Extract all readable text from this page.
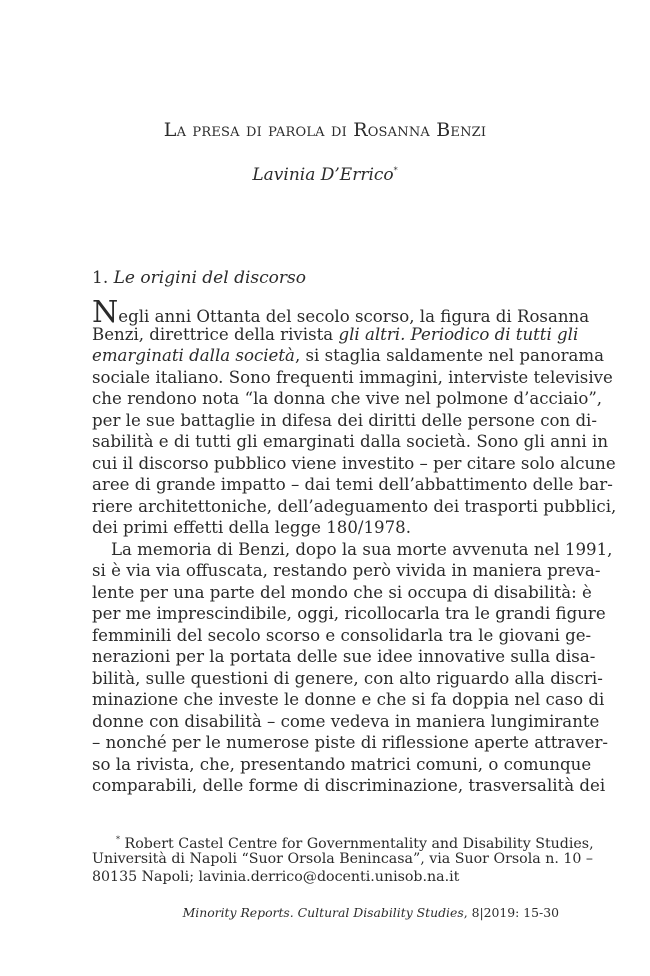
La presa di parola di Rosanna Benzi
Lavinia D’Errico*
1. Le origini del discorso
Negli anni Ottanta del secolo scorso, la figura di Rosanna
Benzi, direttrice della rivista gli altri. Periodico di tutti gli
emarginati dalla società, si staglia saldamente nel panorama
sociale italiano. Sono frequenti immagini, interviste televisive
che rendono nota “la donna che vive nel polmone d’acciaio”,
per le sue battaglie in difesa dei diritti delle persone con di-
sabilità e di tutti gli emarginati dalla società. Sono gli anni in
cui il discorso pubblico viene investito – per citare solo alcune
aree di grande impatto – dai temi dell’abbattimento delle bar-
riere architettoniche, dell’adeguamento dei trasporti pubblici,
dei primi effetti della legge 180/1978.
La memoria di Benzi, dopo la sua morte avvenuta nel 1991,
si è via via offuscata, restando però vivida in maniera preva-
lente per una parte del mondo che si occupa di disabilità: è
per me imprescindibile, oggi, ricollocarla tra le grandi figure
femminili del secolo scorso e consolidarla tra le giovani ge-
nerazioni per la portata delle sue idee innovative sulla disa-
bilità, sulle questioni di genere, con alto riguardo alla discri-
minazione che investe le donne e che si fa doppia nel caso di
donne con disabilità – come vedeva in maniera lungimirante
– nonché per le numerose piste di riflessione aperte attraver-
so la rivista, che, presentando matrici comuni, o comunque
comparabili, delle forme di discriminazione, trasversalità dei
* Robert Castel Centre for Governmentality and Disability Studies,
Università di Napoli “Suor Orsola Benincasa”, via Suor Orsola n. 10 –
80135 Napoli; lavinia.derrico@docenti.unisob.na.it
Minority Reports. Cultural Disability Studies, 8|2019: 15-30
